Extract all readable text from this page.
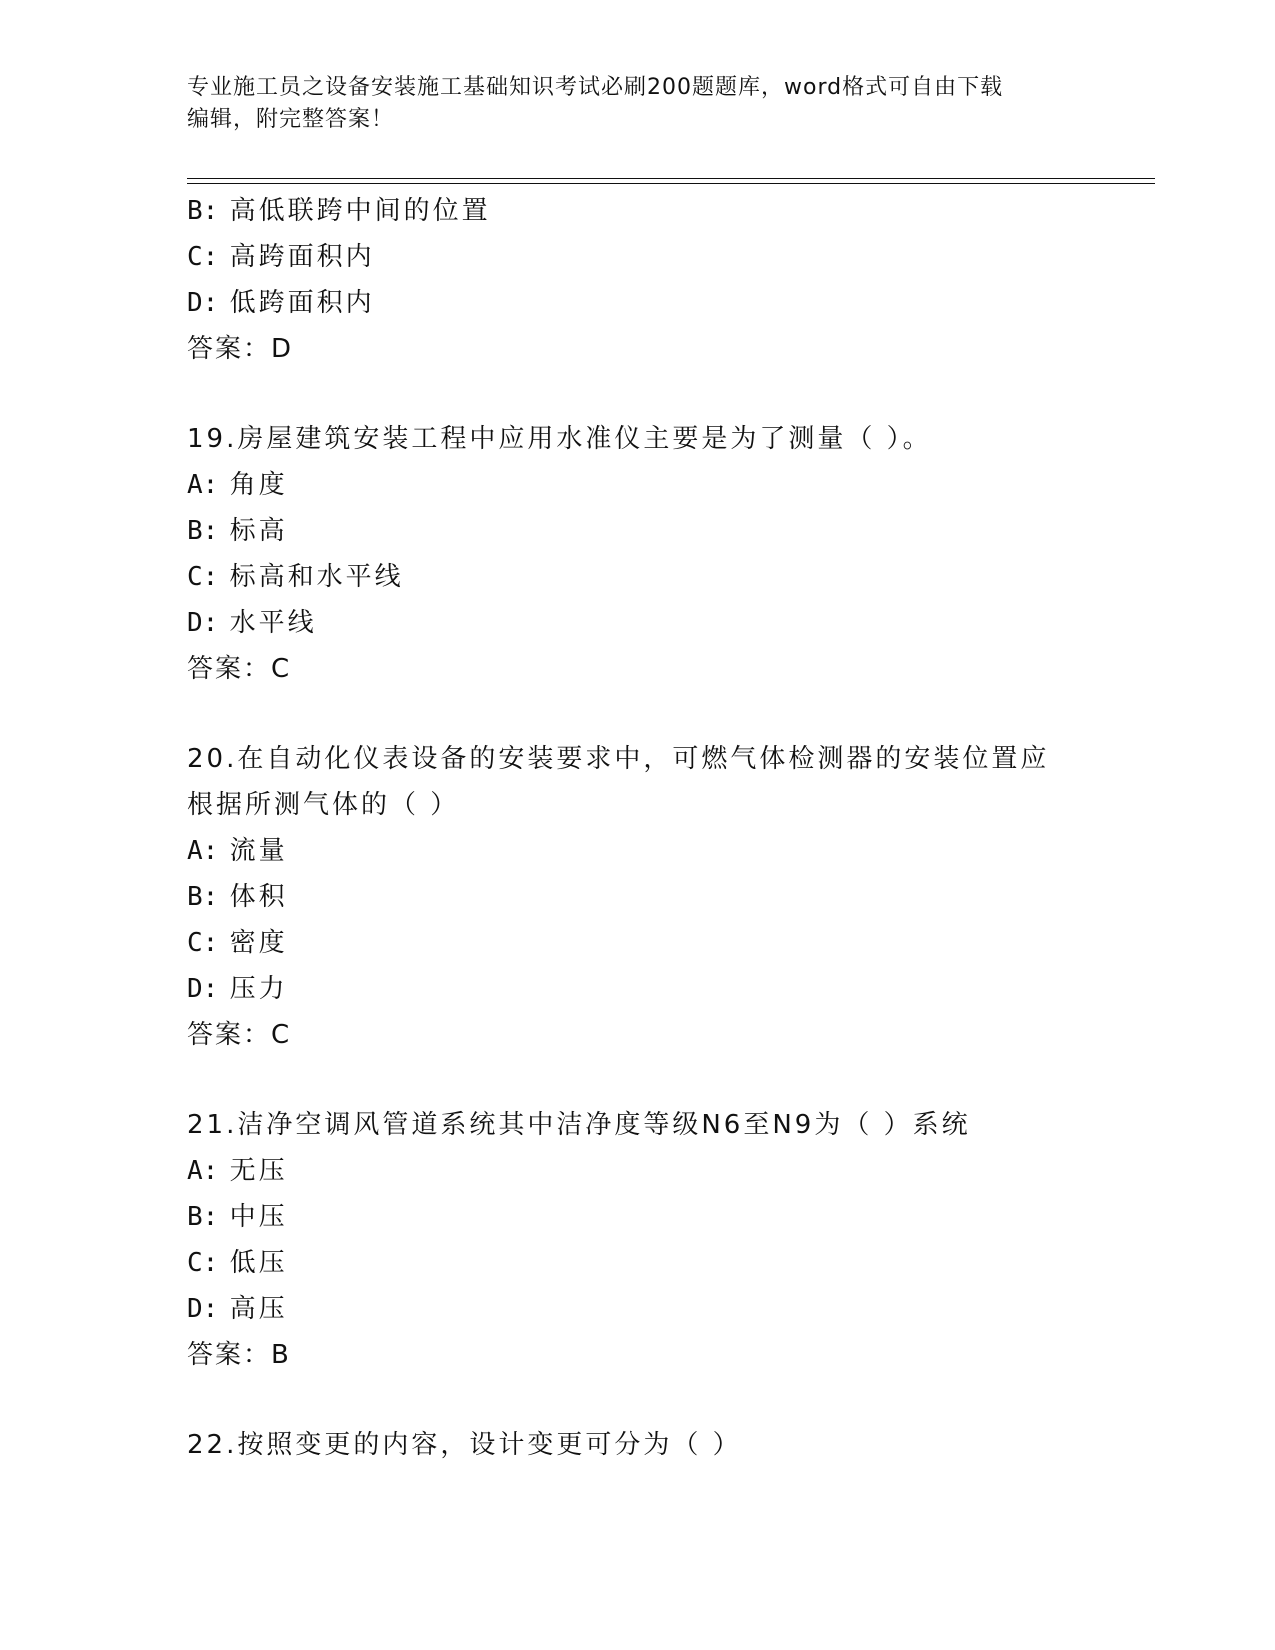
专业施工员之设备安装施工基础知识考试必刷200题题库，word格式可自由下载
编辑，附完整答案！
B: 高低联跨中间的位置
C: 高跨面积内
D: 低跨面积内
答案：D
19.房屋建筑安装工程中应用水准仪主要是为了测量（ ）。
A: 角度
B: 标高
C: 标高和水平线
D: 水平线
答案：C
20.在自动化仪表设备的安装要求中，可燃气体检测器的安装位置应根据所测气体的（ ）
A: 流量
B: 体积
C: 密度
D: 压力
答案：C
21.洁净空调风管道系统其中洁净度等级N6至N9为（ ）系统
A: 无压
B: 中压
C: 低压
D: 高压
答案：B
22.按照变更的内容，设计变更可分为（ ）
